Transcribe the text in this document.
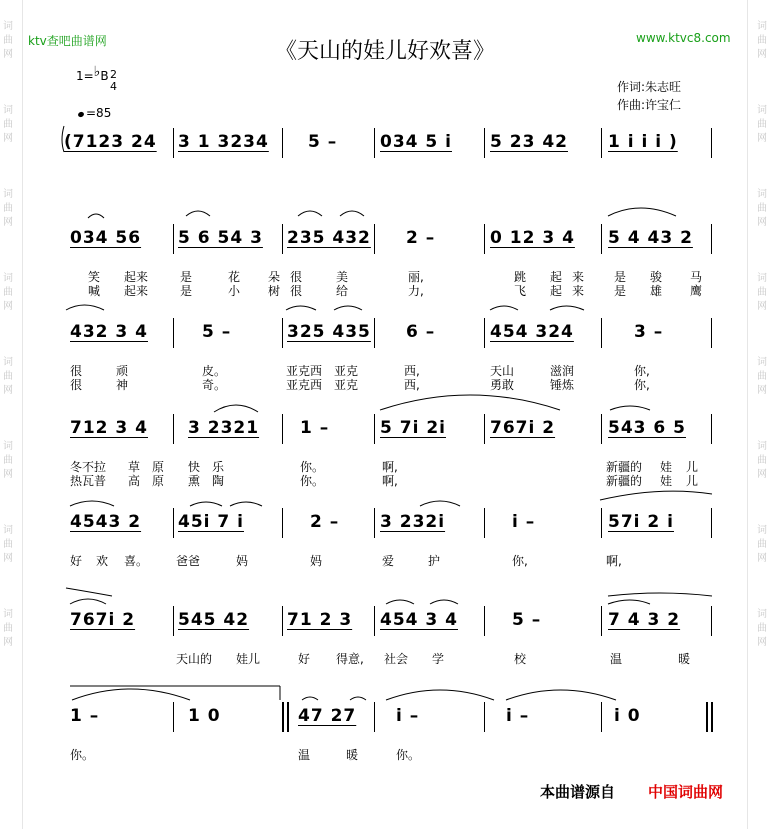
词
曲
网

词
曲
网

词
曲
网

词
曲
网

词
曲
网

词
曲
网

词
曲
网

词
曲
网
词
曲
网

词
曲
网

词
曲
网

词
曲
网

词
曲
网

词
曲
网

词
曲
网

词
曲
网
ktv查吧曲谱网	www.ktvc8.com
《天山的娃儿好欢喜》
作词:朱志旺
作曲:许宝仁
1=♭B 2
4
=85
(7123 24 3 1 3234 5 –	034 5 i 5 23 42 1 i i i )
034 56 5 6 54 3 235 432 2 –	0 12 3 4 5 4 43 2
笑 起来	是	花 朵 很	美	丽,	跳 起 来 是 骏 马
喊 起来	是	小 树 很	给	力,	飞 起 来 是 雄 鹰
432 3 4	5 –	325 435 6 –	454 324	3 –
很	顽	皮。	亚克西 亚克	西,	天山	滋润	你,
很	神	奇。	亚克西 亚克	西,	勇敢	锤炼	你,
712 3 4 3 2321 1 –	5 7i 2i	767i 2	543 6 5
冬不拉 草 原 快 乐	你。	啊,	新疆的 娃 儿
热瓦普 高 原 熏 陶	你。	啊,	新疆的 娃 儿
4543 2 45i 7 i	2 – 3 232i	i –	57i 2 i
好 欢 喜。 爸爸	妈	妈	爱	护	你,	啊,
767i 2	545 42 71 2 3 454 3 4	5 –	7 4 3 2
天山的 娃儿	好 得意, 社会 学	校	温	暖
1 –	1 0	47 27 i –	i –	i 0
你。	温	暖	你。
本曲谱源自 中国词曲网
